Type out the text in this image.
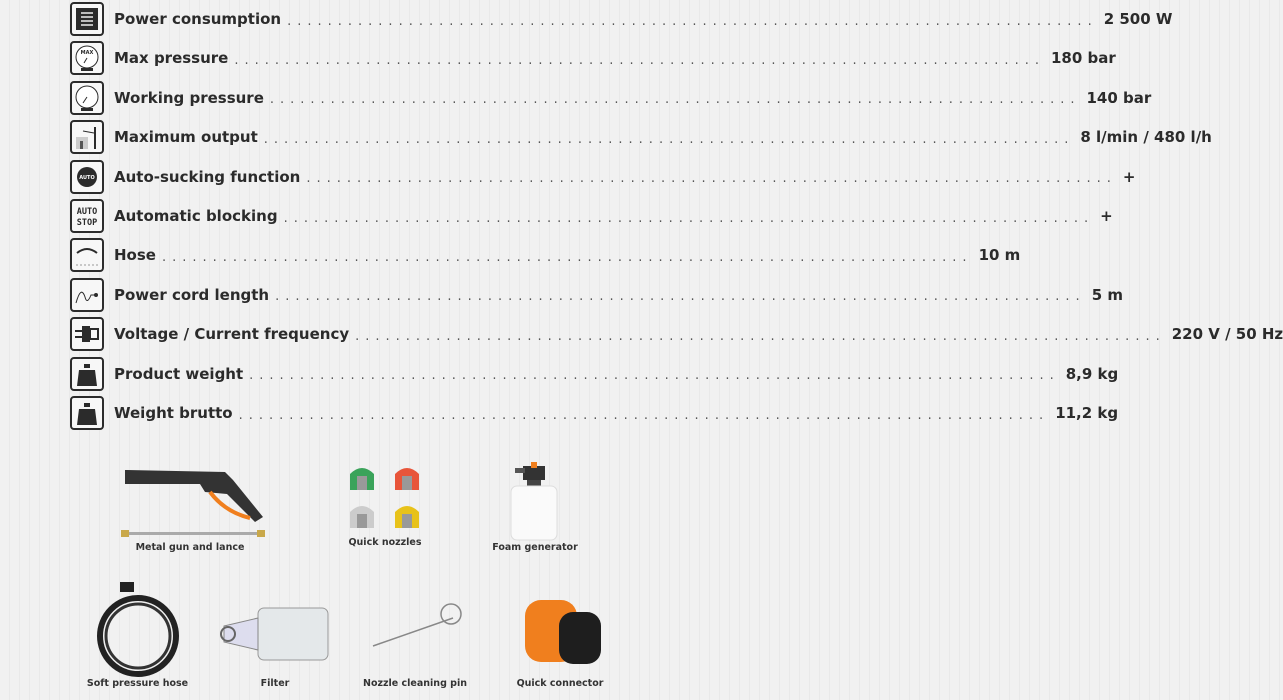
Power consumption ................................................................................ 2 500 W
MAX Max pressure ................................................................................ 180 bar
Working pressure ................................................................................ 140 bar
Maximum output ................................................................................ 8 l/min / 480 l/h
AUTO Auto-sucking function ................................................................................ +
AUTO
STOP Automatic blocking ................................................................................ +
Hose ................................................................................ 10 m
Power cord length ................................................................................ 5 m
Voltage / Current frequency ................................................................................ 220 V / 50 Hz
Product weight ................................................................................ 8,9 kg
Weight brutto ................................................................................ 11,2 kg
Metal gun and lance	Quick nozzles	Foam generator
Soft pressure hose	Filter	Nozzle cleaning pin	Quick connector
